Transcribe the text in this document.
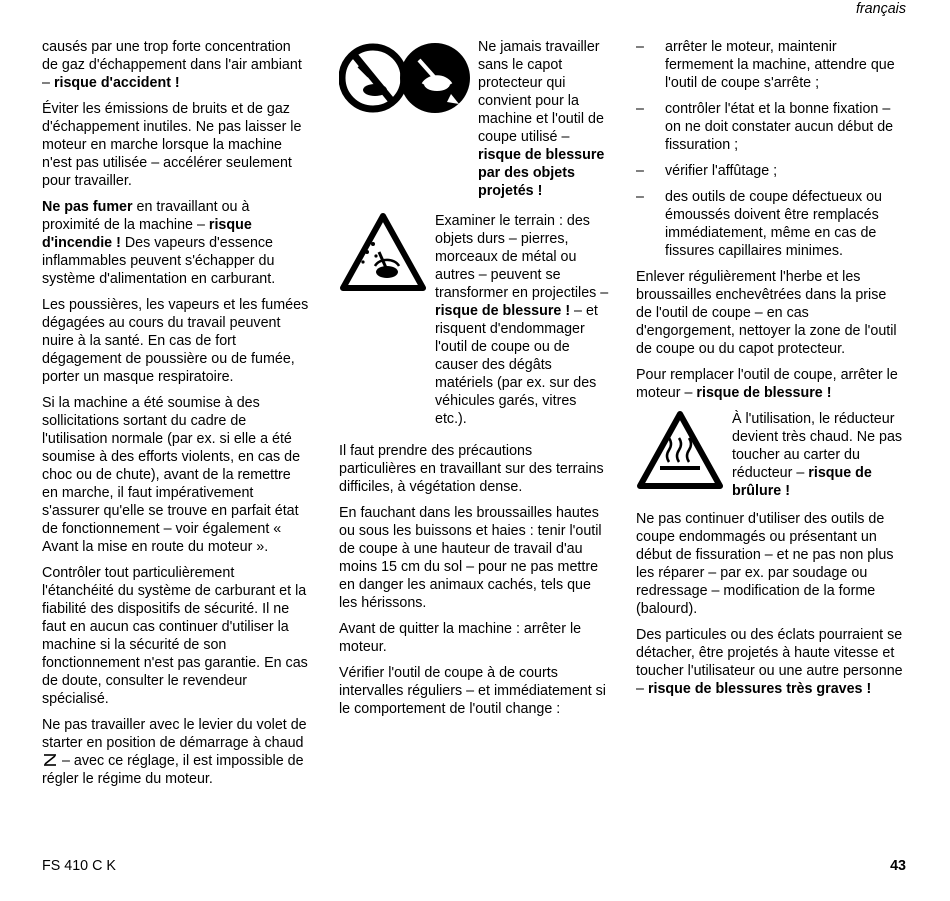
français

causés par une trop forte concentration de gaz d'échappement dans l'air ambiant – risque d'accident !

Éviter les émissions de bruits et de gaz d'échappement inutiles. Ne pas laisser le moteur en marche lorsque la machine n'est pas utilisée – accélérer seulement pour travailler.

Ne pas fumer en travaillant ou à proximité de la machine – risque d'incendie ! Des vapeurs d'essence inflammables peuvent s'échapper du système d'alimentation en carburant.

Les poussières, les vapeurs et les fumées dégagées au cours du travail peuvent nuire à la santé. En cas de fort dégagement de poussière ou de fumée, porter un masque respiratoire.

Si la machine a été soumise à des sollicitations sortant du cadre de l'utilisation normale (par ex. si elle a été soumise à des efforts violents, en cas de choc ou de chute), avant de la remettre en marche, il faut impérativement s'assurer qu'elle se trouve en parfait état de fonctionnement – voir également « Avant la mise en route du moteur ».

Contrôler tout particulièrement l'étanchéité du système de carburant et la fiabilité des dispositifs de sécurité. Il ne faut en aucun cas continuer d'utiliser la machine si la sécurité de son fonctionnement n'est pas garantie. En cas de doute, consulter le revendeur spécialisé.

Ne pas travailler avec le levier du volet de starter en position de démarrage à chaud  – avec ce réglage, il est impossible de régler le régime du moteur.

Ne jamais travailler sans le capot protecteur qui convient pour la machine et l'outil de coupe utilisé – risque de blessure par des objets projetés !
Examiner le terrain : des objets durs – pierres, morceaux de métal ou autres – peuvent se transformer en projectiles – risque de blessure ! – et risquent d'endommager l'outil de coupe ou de causer des dégâts matériels (par ex. sur des véhicules garés, vitres etc.).

Il faut prendre des précautions particulières en travaillant sur des terrains difficiles, à végétation dense.

En fauchant dans les broussailles hautes ou sous les buissons et haies : tenir l'outil de coupe à une hauteur de travail d'au moins 15 cm du sol – pour ne pas mettre en danger les animaux cachés, tels que les hérissons.

Avant de quitter la machine : arrêter le moteur.

Vérifier l'outil de coupe à de courts intervalles réguliers – et immédiatement si le comportement de l'outil change :

– arrêter le moteur, maintenir fermement la machine, attendre que l'outil de coupe s'arrête ;
– contrôler l'état et la bonne fixation – on ne doit constater aucun début de fissuration ;
– vérifier l'affûtage ;
– des outils de coupe défectueux ou émoussés doivent être remplacés immédiatement, même en cas de fissures capillaires minimes.

Enlever régulièrement l'herbe et les broussailles enchevêtrées dans la prise de l'outil de coupe – en cas d'engorgement, nettoyer la zone de l'outil de coupe ou du capot protecteur.

Pour remplacer l'outil de coupe, arrêter le moteur – risque de blessure !

À l'utilisation, le réducteur devient très chaud. Ne pas toucher au carter du réducteur – risque de brûlure !

Ne pas continuer d'utiliser des outils de coupe endommagés ou présentant un début de fissuration – et ne pas non plus les réparer – par ex. par soudage ou redressage – modification de la forme (balourd).

Des particules ou des éclats pourraient se détacher, être projetés à haute vitesse et toucher l'utilisateur ou une autre personne – risque de blessures très graves !

FS 410 C K	43
